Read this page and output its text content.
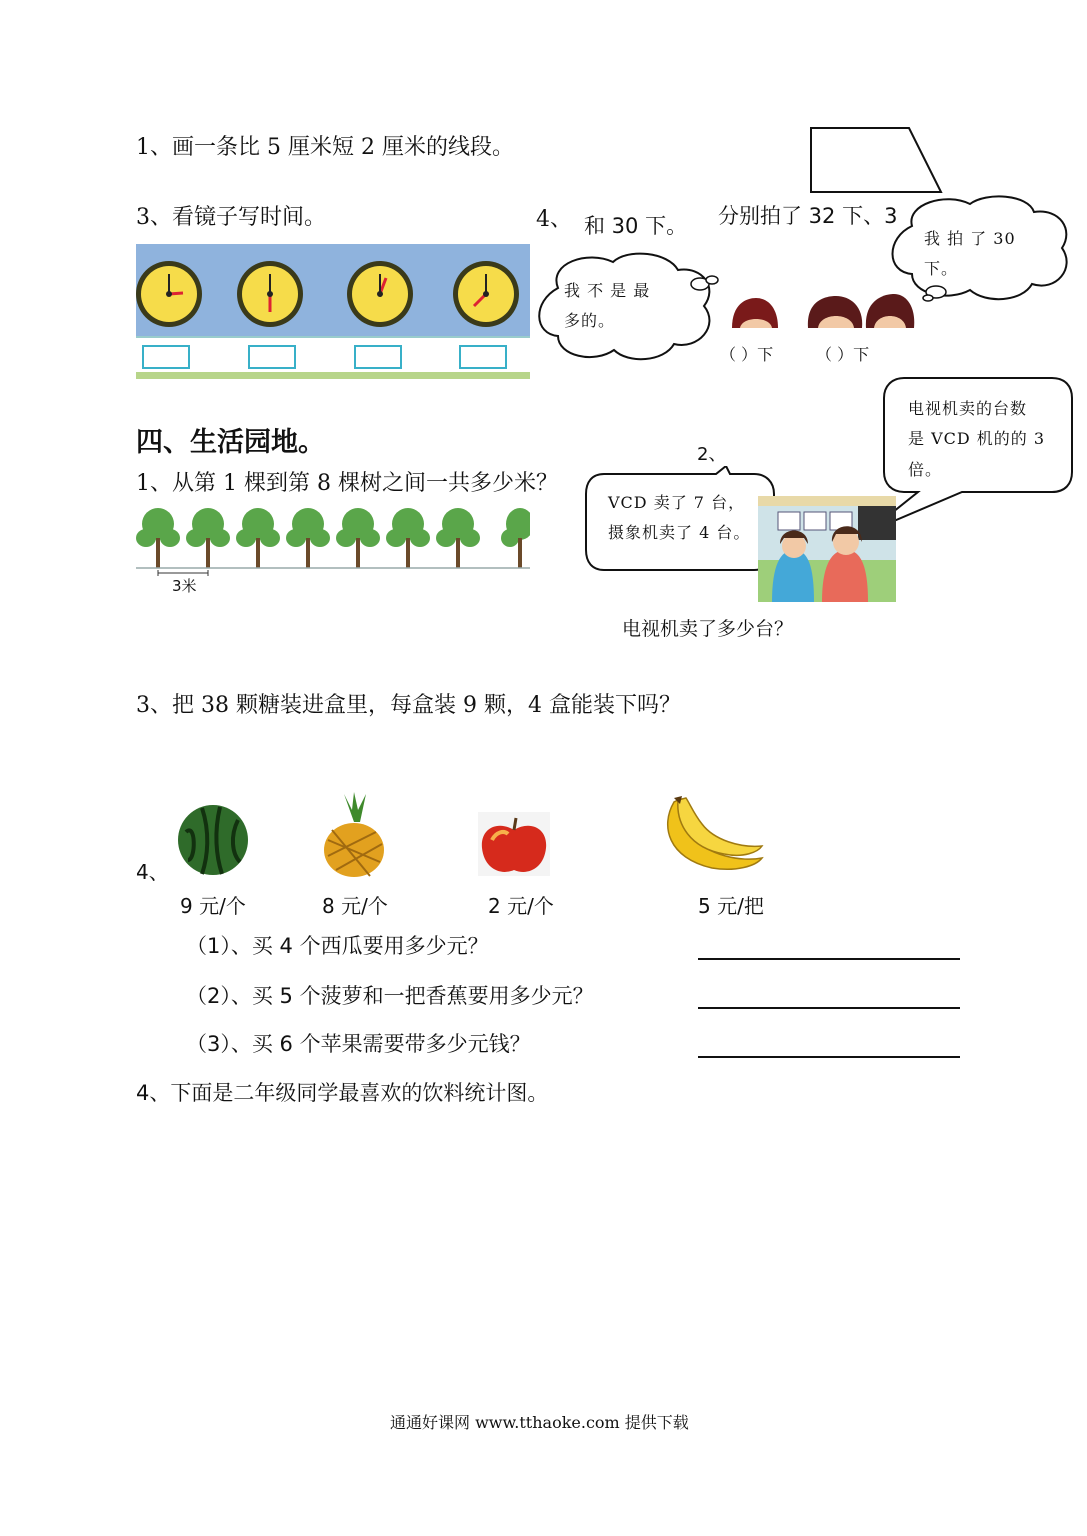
1、画一条比 5 厘米短 2 厘米的线段。
3、看镜子写时间。	4、	分别拍了 32 下、3
和 30 下。
我 不 是 最
多的。
我 拍 了 30
下。
（ ）下	（ ）下
四、生活园地。
1、从第 1 棵到第 8 棵树之间一共多少米？
3米
2、
VCD 卖了 7 台，
摄象机卖了 4 台。
电视机卖的台数
是 VCD 机的的 3
倍。
电视机卖了多少台？
3、把 38 颗糖装进盒里，每盒装 9 颗，4 盒能装下吗？
4、
9 元/个	8 元/个	2 元/个	5 元/把
（1）、买 4 个西瓜要用多少元？
（2）、买 5 个菠萝和一把香蕉要用多少元？
（3）、买 6 个苹果需要带多少元钱？
4、下面是二年级同学最喜欢的饮料统计图。
通通好课网 www.tthaoke.com 提供下载
